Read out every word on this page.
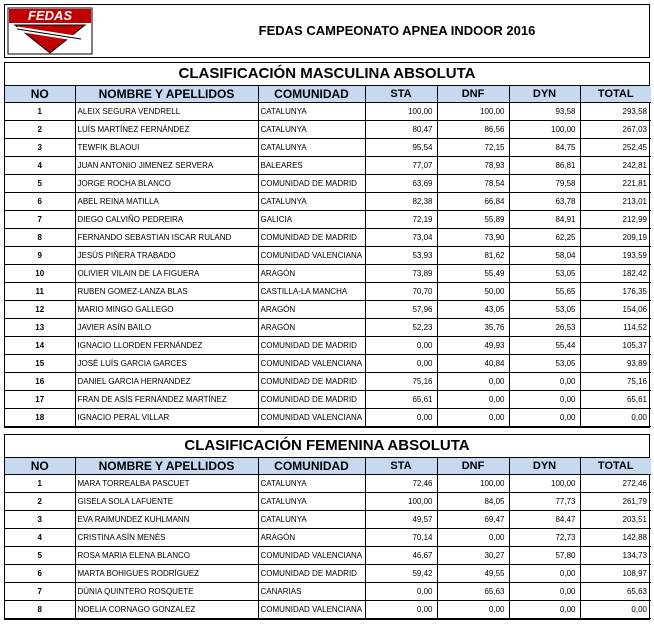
FEDAS
FEDAS CAMPEONATO APNEA INDOOR 2016
CLASIFICACIÓN MASCULINA ABSOLUTA
NO	NOMBRE Y APELLIDOS	COMUNIDAD	STA	DNF	DYN	TOTAL
1	ALEIX SEGURA VENDRELL	CATALUNYA	100,00	100,00	93,58	293,58
2	LUÍS MARTÍNEZ FERNÁNDEZ	CATALUNYA	80,47	86,56	100,00	267,03
3	TEWFIK BLAOUI	CATALUNYA	95,54	72,15	84,75	252,45
4	JUAN ANTONIO JIMENEZ SERVERA	BALEARES	77,07	78,93	86,81	242,81
5	JORGE ROCHA BLANCO	COMUNIDAD DE MADRID	63,69	78,54	79,58	221,81
6	ABEL REINA MATILLA	CATALUNYA	82,38	66,84	63,78	213,01
7	DIEGO CALVIÑO PEDREIRA	GALICIA	72,19	55,89	84,91	212,99
8	FERNANDO SEBASTIAN ISCAR RULAND	COMUNIDAD DE MADRID	73,04	73,90	62,25	209,19
9	JESÚS PIÑERA TRABADO	COMUNIDAD VALENCIANA	53,93	81,62	58,04	193,59
10	OLIVIER VILAIN DE LA FIGUERA	ARAGÓN	73,89	55,49	53,05	182,42
11	RUBEN GOMEZ-LANZA BLAS	CASTILLA-LA MANCHA	70,70	50,00	55,65	176,35
12	MARIO MINGO GALLEGO	ARAGÓN	57,96	43,05	53,05	154,06
13	JAVIER ASÍN BAILO	ARAGÓN	52,23	35,76	26,53	114,52
14	IGNACIO LLORDEN FERNÁNDEZ	COMUNIDAD DE MADRID	0,00	49,93	55,44	105,37
15	JOSÉ LUÍS GARCIA GARCES	COMUNIDAD VALENCIANA	0,00	40,84	53,05	93,89
16	DANIEL GARCIA HERNANDEZ	COMUNIDAD DE MADRID	75,16	0,00	0,00	75,16
17	FRAN DE ASÍS FERNÁNDEZ MARTÍNEZ	COMUNIDAD DE MADRID	65,61	0,00	0,00	65,61
18	IGNACIO PERAL VILLAR	COMUNIDAD VALENCIANA	0,00	0,00	0,00	0,00
CLASIFICACIÓN FEMENINA ABSOLUTA
NO	NOMBRE Y APELLIDOS	COMUNIDAD	STA	DNF	DYN	TOTAL
1	MARA TORREALBA PASCUET	CATALUNYA	72,46	100,00	100,00	272,46
2	GISELA SOLA LAFUENTE	CATALUNYA	100,00	84,05	77,73	261,79
3	EVA RAIMUNDEZ KUHLMANN	CATALUNYA	49,57	69,47	84,47	203,51
4	CRISTINA ASÍN MENÉS	ARAGÓN	70,14	0,00	72,73	142,88
5	ROSA MARIA ELENA BLANCO	COMUNIDAD VALENCIANA	46,67	30,27	57,80	134,73
6	MARTA BOHIGUES RODRÍGUEZ	COMUNIDAD DE MADRID	59,42	49,55	0,00	108,97
7	DÚNIA QUINTERO ROSQUETE	CANARIAS	0,00	65,63	0,00	65,63
8	NOELIA CORNAGO GONZALEZ	COMUNIDAD VALENCIANA	0,00	0,00	0,00	0,00
